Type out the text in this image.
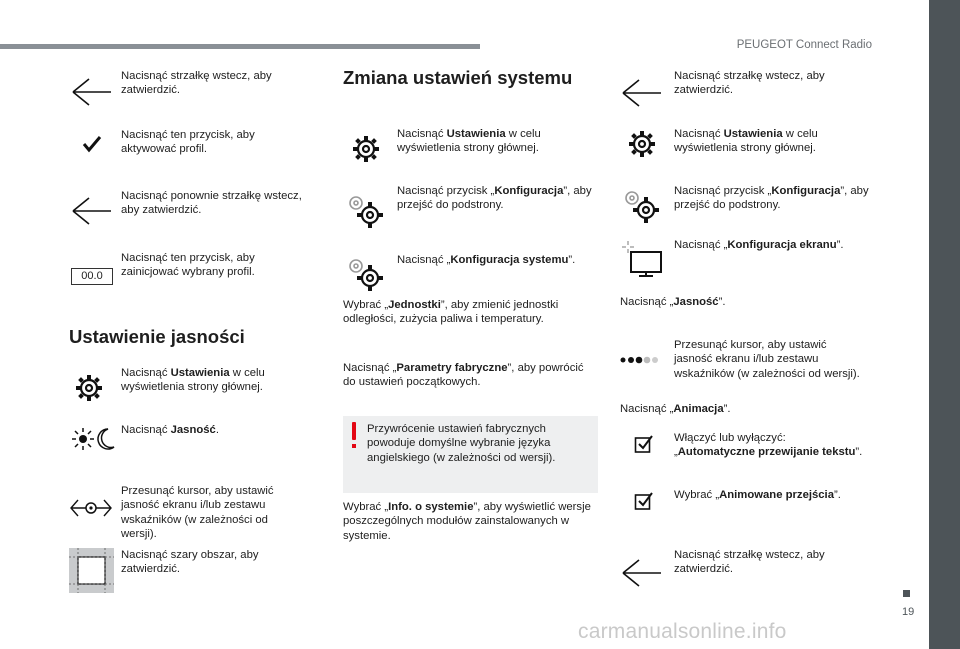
PEUGEOT Connect Radio
19
carmanualsonline.info
Nacisnąć strzałkę wstecz, aby zatwierdzić.
Nacisnąć ten przycisk, aby aktywować profil.
Nacisnąć ponownie strzałkę wstecz, aby zatwierdzić.
00.0
Nacisnąć ten przycisk, aby zainicjować wybrany profil.
Ustawienie jasności
Nacisnąć Ustawienia w celu wyświetlenia strony głównej.
Nacisnąć Jasność.
Przesunąć kursor, aby ustawić jasność ekranu i/lub zestawu wskaźników (w zależności od wersji).
Nacisnąć szary obszar, aby zatwierdzić.
Zmiana ustawień systemu
Nacisnąć Ustawienia w celu wyświetlenia strony głównej.
Nacisnąć przycisk „Konfiguracja”, aby przejść do podstrony.
Nacisnąć „Konfiguracja systemu”.
Wybrać „Jednostki”, aby zmienić jednostki odległości, zużycia paliwa i temperatury.
Nacisnąć „Parametry fabryczne”, aby powrócić do ustawień początkowych.
Przywrócenie ustawień fabrycznych powoduje domyślne wybranie języka angielskiego (w zależności od wersji).
Wybrać „Info. o systemie”, aby wyświetlić wersje poszczególnych modułów zainstalowanych w systemie.
Nacisnąć strzałkę wstecz, aby zatwierdzić.
Nacisnąć Ustawienia w celu wyświetlenia strony głównej.
Nacisnąć przycisk „Konfiguracja”, aby przejść do podstrony.
Nacisnąć „Konfiguracja ekranu”.
Nacisnąć „Jasność”.
Przesunąć kursor, aby ustawić jasność ekranu i/lub zestawu wskaźników (w zależności od wersji).
Nacisnąć „Animacja”.
Włączyć lub wyłączyć: „Automatyczne przewijanie tekstu”.
Wybrać „Animowane przejścia”.
Nacisnąć strzałkę wstecz, aby zatwierdzić.
